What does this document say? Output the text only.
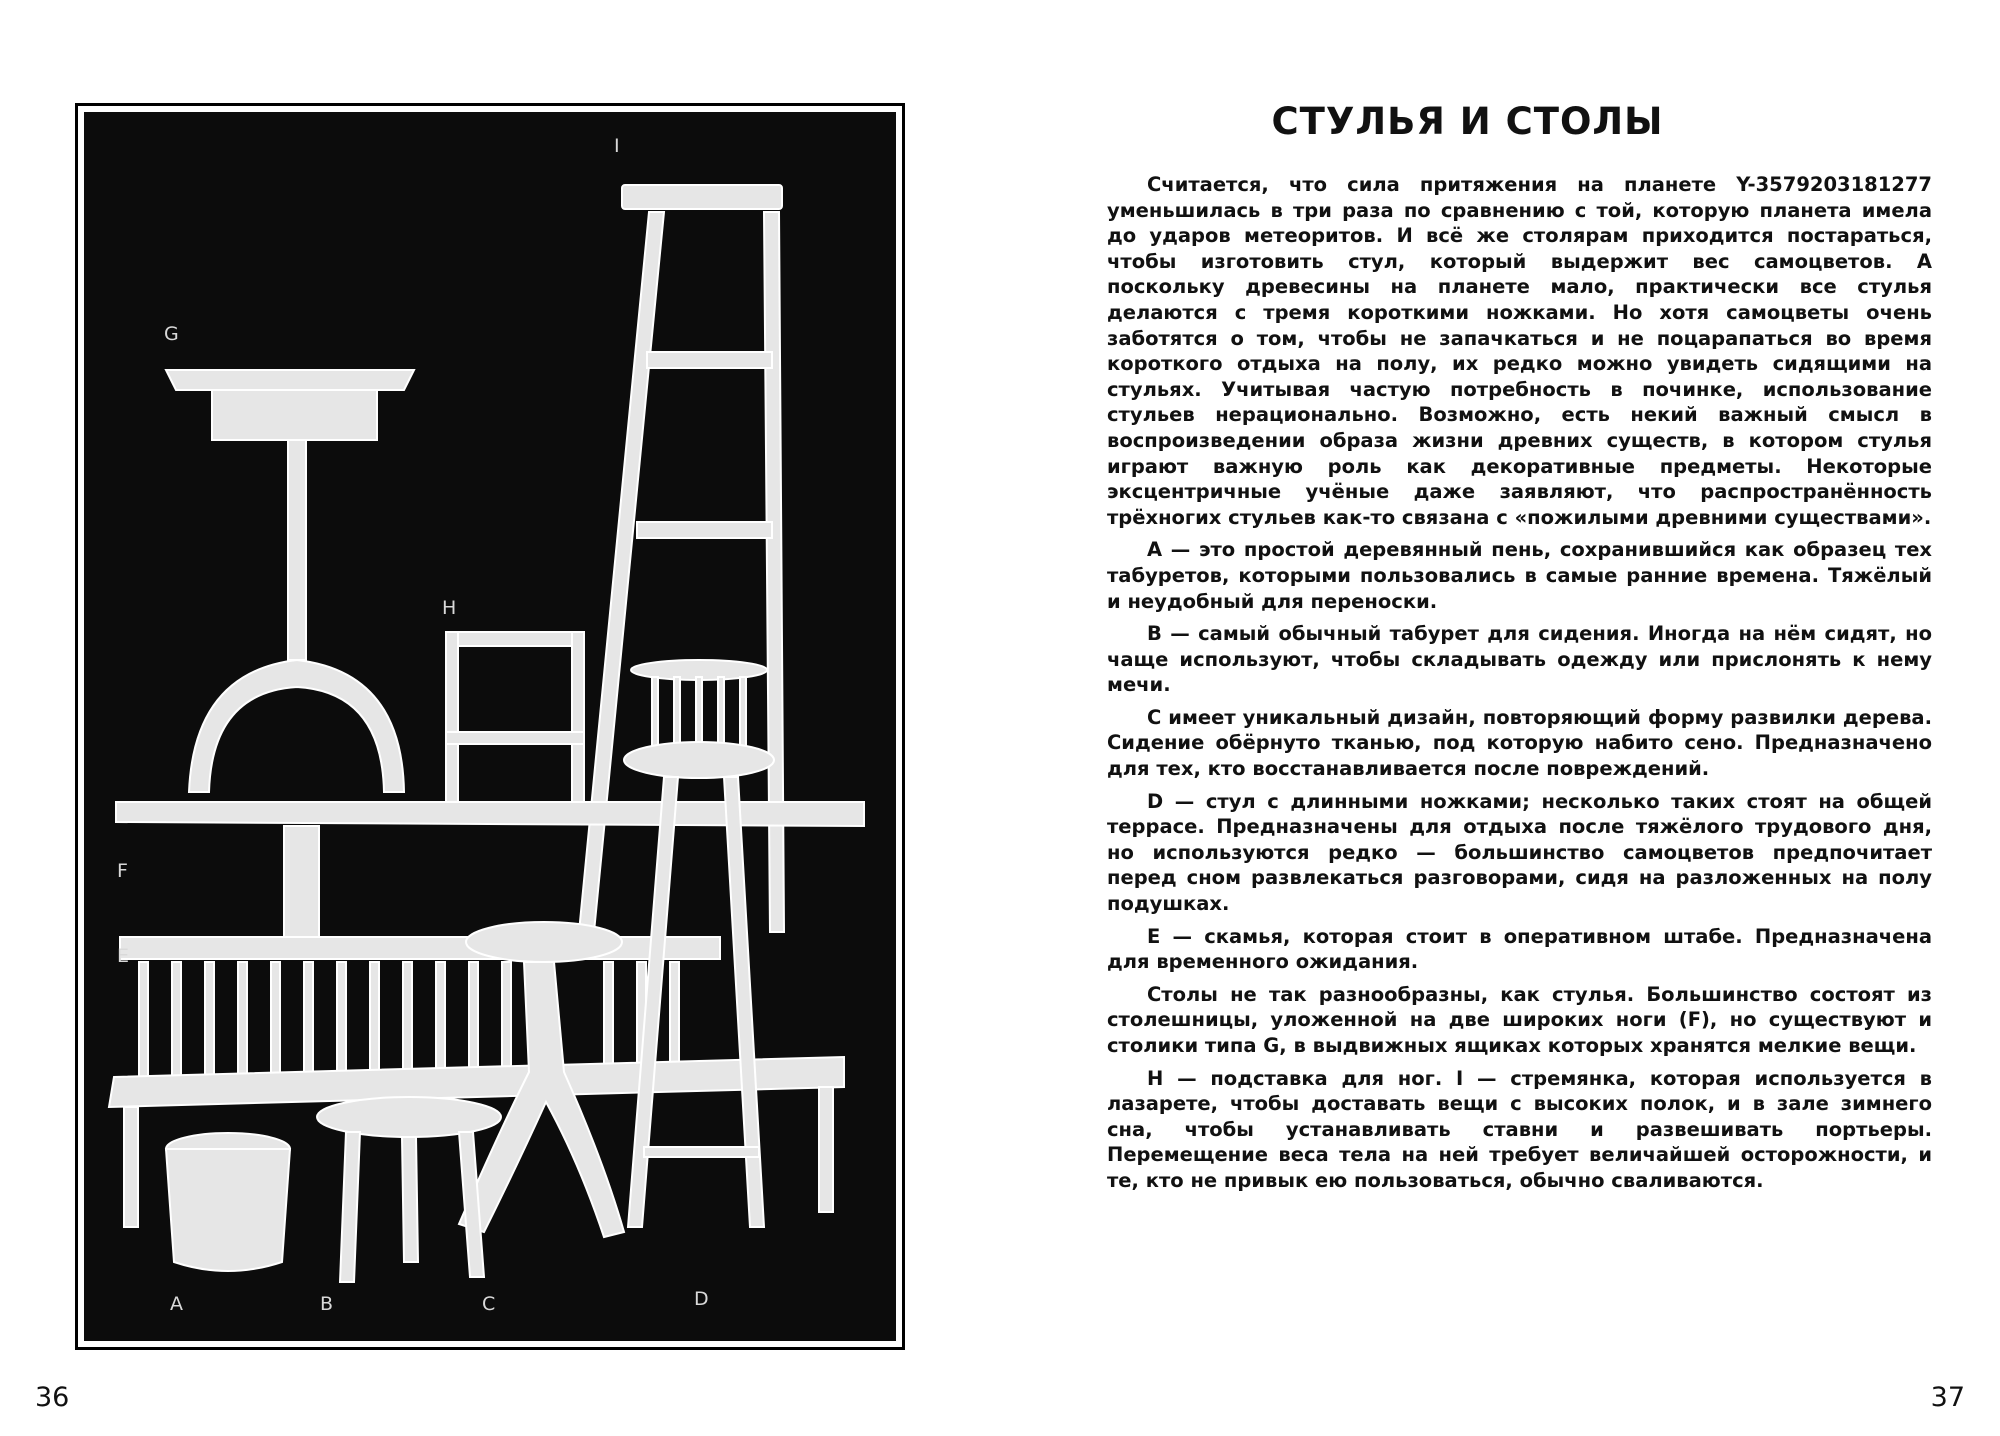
I
G
H
F
E
A	B	C	D
36
СТУЛЬЯ И СТОЛЫ

Считается, что сила притяжения на планете Y-3579203181277 уменьшилась в три раза по сравнению с той, которую планета имела до ударов метеоритов. И всё же столярам приходится постараться, чтобы изготовить стул, который выдержит вес самоцветов. А поскольку древесины на планете мало, практически все стулья делаются с тремя короткими ножками. Но хотя самоцветы очень заботятся о том, чтобы не запачкаться и не поцарапаться во время короткого отдыха на полу, их редко можно увидеть сидящими на стульях. Учитывая частую потребность в починке, использование стульев нерационально. Возможно, есть некий важный смысл в воспроизведении образа жизни древних существ, в котором стулья играют важную роль как декоративные предметы. Некоторые эксцентричные учёные даже заявляют, что распространённость трёхногих стульев как-то связана с «пожилыми древними существами».

A — это простой деревянный пень, сохранившийся как образец тех табуретов, которыми пользовались в самые ранние времена. Тяжёлый и неудобный для переноски.

B — самый обычный табурет для сидения. Иногда на нём сидят, но чаще используют, чтобы складывать одежду или прислонять к нему мечи.

C имеет уникальный дизайн, повторяющий форму развилки дерева. Сидение обёрнуто тканью, под которую набито сено. Предназначено для тех, кто восстанавливается после повреждений.

D — стул с длинными ножками; несколько таких стоят на общей террасе. Предназначены для отдыха после тяжёлого трудового дня, но используются редко — большинство самоцветов предпочитает перед сном развлекаться разговорами, сидя на разложенных на полу подушках.

E — скамья, которая стоит в оперативном штабе. Предназначена для временного ожидания.

Столы не так разнообразны, как стулья. Большинство состоят из столешницы, уложенной на две широких ноги (F), но существуют и столики типа G, в выдвижных ящиках которых хранятся мелкие вещи.

H — подставка для ног. I — стремянка, которая используется в лазарете, чтобы доставать вещи с высоких полок, и в зале зимнего сна, чтобы устанавливать ставни и развешивать портьеры. Перемещение веса тела на ней требует величайшей осторожности, и те, кто не привык ею пользоваться, обычно сваливаются.

37
